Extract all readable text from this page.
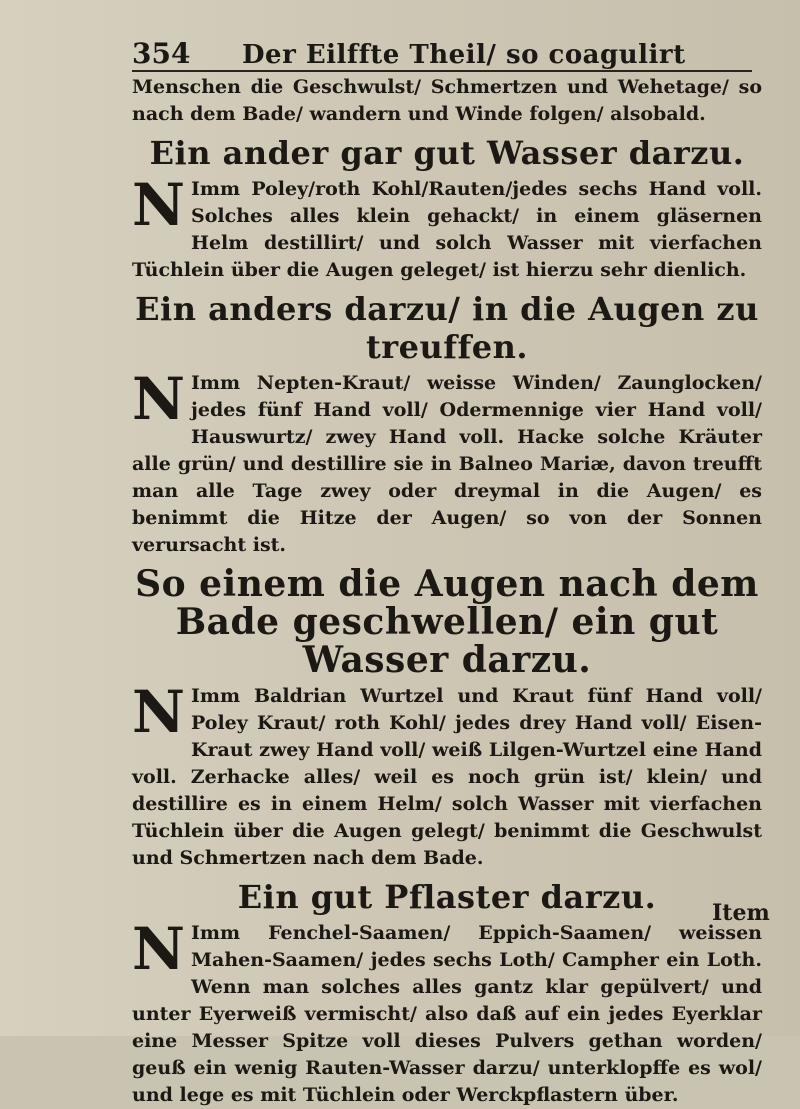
354	Der Eilffte Theil/ so coagulirt

Menschen die Geschwulst/ Schmertzen und Wehetage/ so nach dem Bade/ wandern und Winde folgen/ alsobald.

Ein ander gar gut Wasser darzu.

N Imm Poley/roth Kohl/Rauten/jedes sechs Hand voll. Solches alles klein gehackt/ in einem gläsernen Helm destillirt/ und solch Wasser mit vierfachen Tüchlein über die Augen geleget/ ist hierzu sehr dienlich.

Ein anders darzu/ in die Augen zu treuffen.

N Imm Nepten-Kraut/ weisse Winden/ Zaunglocken/ jedes fünf Hand voll/ Odermennige vier Hand voll/ Hauswurtz/ zwey Hand voll. Hacke solche Kräuter alle grün/ und destillire sie in Balneo Mariæ, davon treufft man alle Tage zwey oder dreymal in die Augen/ es benimmt die Hitze der Augen/ so von der Sonnen verursacht ist.

So einem die Augen nach dem Bade geschwellen/ ein gut Wasser darzu.

N Imm Baldrian Wurtzel und Kraut fünf Hand voll/ Poley Kraut/ roth Kohl/ jedes drey Hand voll/ Eisen-Kraut zwey Hand voll/ weiß Lilgen-Wurtzel eine Hand voll. Zerhacke alles/ weil es noch grün ist/ klein/ und destillire es in einem Helm/ solch Wasser mit vierfachen Tüchlein über die Augen gelegt/ benimmt die Geschwulst und Schmertzen nach dem Bade.

Ein gut Pflaster darzu.

N Imm Fenchel-Saamen/ Eppich-Saamen/ weissen Mahen-Saamen/ jedes sechs Loth/ Campher ein Loth. Wenn man solches alles gantz klar gepülvert/ und unter Eyerweiß vermischt/ also daß auf ein jedes Eyerklar eine Messer Spitze voll dieses Pulvers gethan worden/ geuß ein wenig Rauten-Wasser darzu/ unterklopffe es wol/ und lege es mit Tüchlein oder Werckpflastern über.

Item
